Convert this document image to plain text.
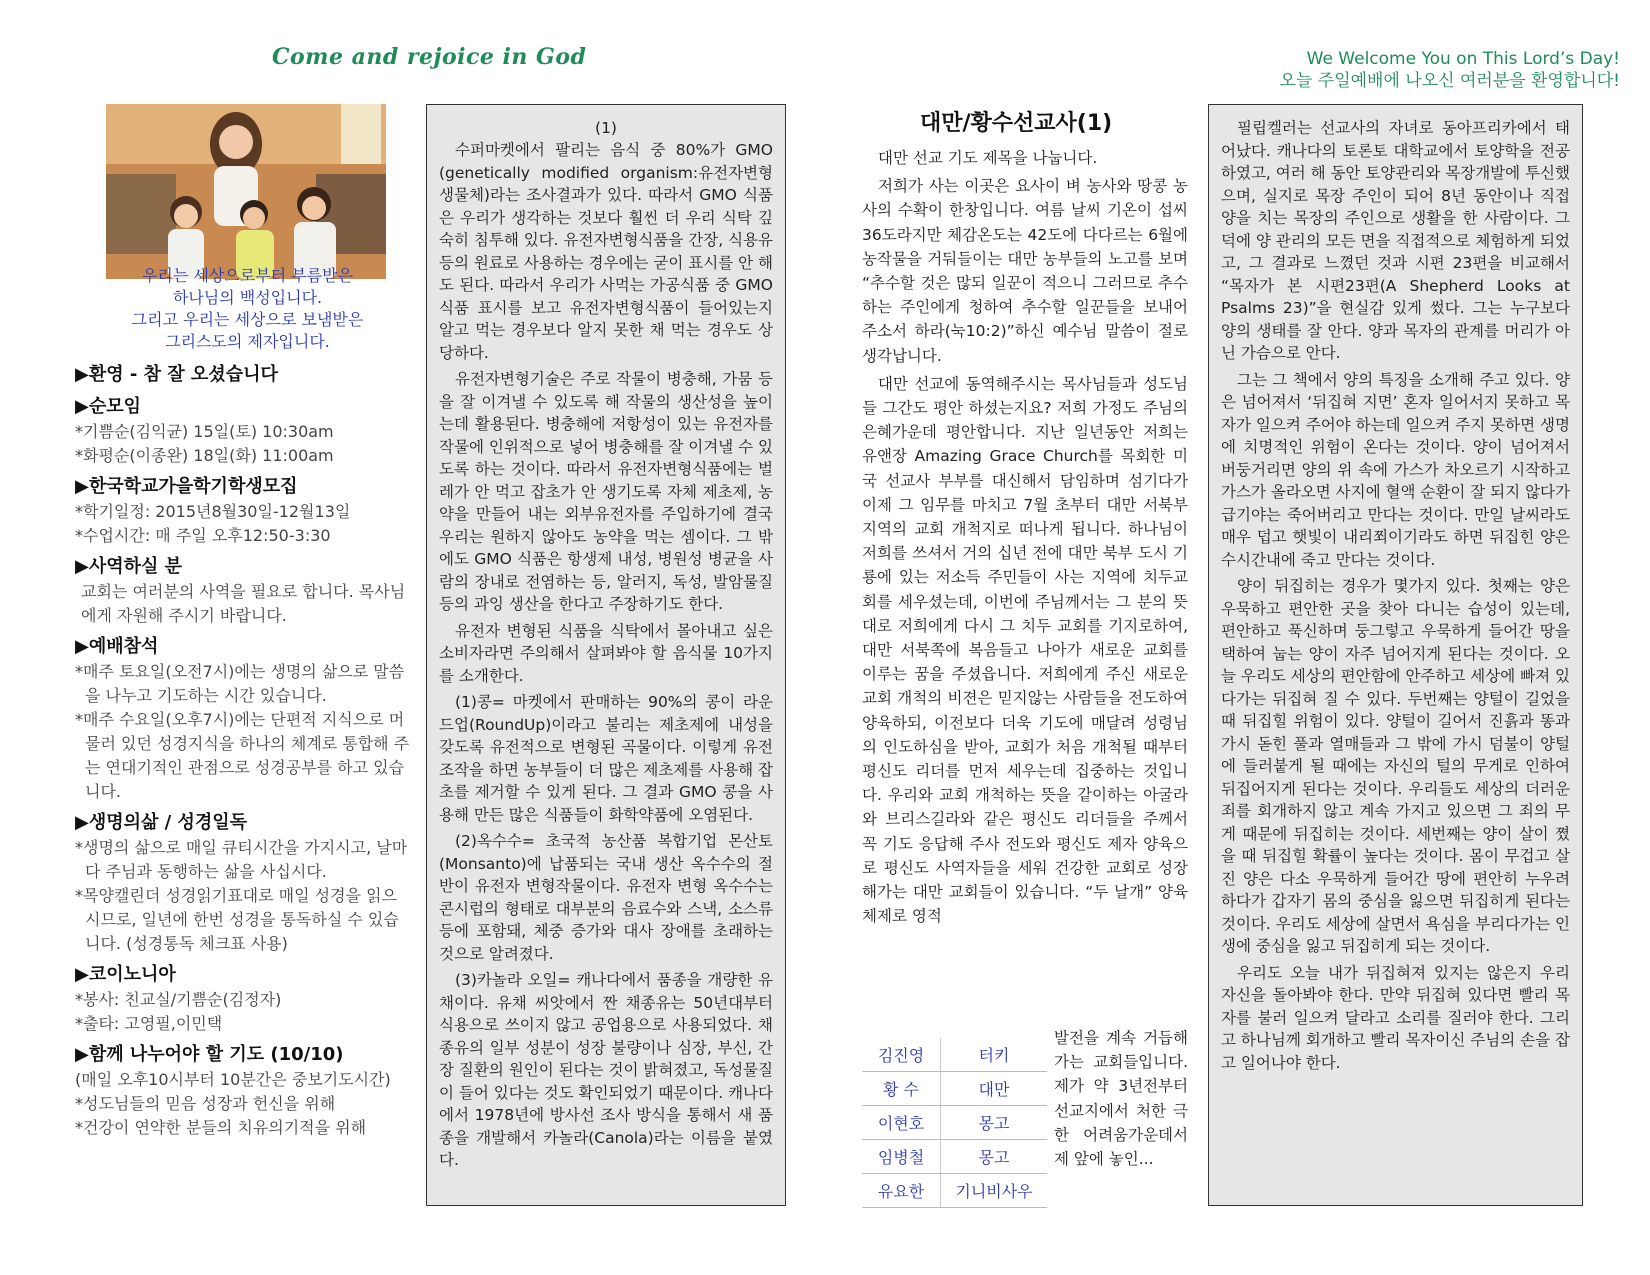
Come and rejoice in God	We Welcome You on This Lord’s Day!
오늘 주일예배에 나오신 여러분을 환영합니다!
우리는 세상으로부터 부름받은
하나님의 백성입니다.
그리고 우리는 세상으로 보냄받은
그리스도의 제자입니다.
▶환영 - 참 잘 오셨습니다
▶순모임
*기쁨순(김익균) 15일(토) 10:30am
*화평순(이종완) 18일(화) 11:00am
▶한국학교가을학기학생모집
*학기일정: 2015년8월30일-12월13일
*수업시간: 매 주일 오후12:50-3:30
▶사역하실 분
교회는 여러분의 사역을 필요로 합니다. 목사님에게 자원해 주시기 바랍니다.
▶예배참석
*매주 토요일(오전7시)에는 생명의 삶으로 말씀을 나누고 기도하는 시간 있습니다.
*매주 수요일(오후7시)에는 단편적 지식으로 머물러 있던 성경지식을 하나의 체계로 통합해 주는 연대기적인 관점으로 성경공부를 하고 있습니다.
▶생명의삶 / 성경일독
*생명의 삶으로 매일 큐티시간을 가지시고, 날마다 주님과 동행하는 삶을 사십시다.
*목양캘린더 성경읽기표대로 매일 성경을 읽으시므로, 일년에 한번 성경을 통독하실 수 있습니다. (성경통독 체크표 사용)
▶코이노니아
*봉사: 친교실/기쁨순(김정자)
*출타: 고영필,이민택
▶함께 나누어야 할 기도 (10/10)
(매일 오후10시부터 10분간은 중보기도시간)
*성도님들의 믿음 성장과 헌신을 위해
*건강이 연약한 분들의 치유의기적을 위해
(1)

수퍼마켓에서 팔리는 음식 중 80%가 GMO (genetically modified organism:유전자변형생물체)라는 조사결과가 있다. 따라서 GMO 식품은 우리가 생각하는 것보다 훨씬 더 우리 식탁 깊숙히 침투해 있다. 유전자변형식품을 간장, 식용유 등의 원료로 사용하는 경우에는 굳이 표시를 안 해도 된다. 따라서 우리가 사먹는 가공식품 중 GMO식품 표시를 보고 유전자변형식품이 들어있는지 알고 먹는 경우보다 알지 못한 채 먹는 경우도 상당하다.

유전자변형기술은 주로 작물이 병충해, 가뭄 등을 잘 이겨낼 수 있도록 해 작물의 생산성을 높이는데 활용된다. 병충해에 저항성이 있는 유전자를 작물에 인위적으로 넣어 병충해를 잘 이겨낼 수 있도록 하는 것이다. 따라서 유전자변형식품에는 벌레가 안 먹고 잡초가 안 생기도록 자체 제초제, 농약을 만들어 내는 외부유전자를 주입하기에 결국 우리는 원하지 않아도 농약을 먹는 셈이다. 그 밖에도 GMO 식품은 항생제 내성, 병원성 병균을 사람의 장내로 전염하는 등, 알러지, 독성, 발암물질등의 과잉 생산을 한다고 주장하기도 한다.

유전자 변형된 식품을 식탁에서 몰아내고 싶은 소비자라면 주의해서 살펴봐야 할 음식물 10가지를 소개한다.

(1)콩= 마켓에서 판매하는 90%의 콩이 라운드업(RoundUp)이라고 불리는 제초제에 내성을 갖도록 유전적으로 변형된 곡물이다. 이렇게 유전조작을 하면 농부들이 더 많은 제초제를 사용해 잡초를 제거할 수 있게 된다. 그 결과 GMO 콩을 사용해 만든 많은 식품들이 화학약품에 오염된다.

(2)옥수수= 초국적 농산품 복합기업 몬산토(Monsanto)에 납품되는 국내 생산 옥수수의 절반이 유전자 변형작물이다. 유전자 변형 옥수수는 콘시럽의 형태로 대부분의 음료수와 스낵, 소스류 등에 포함돼, 체중 증가와 대사 장애를 초래하는 것으로 알려졌다.

(3)카놀라 오일= 캐나다에서 품종을 개량한 유채이다. 유채 씨앗에서 짠 채종유는 50년대부터 식용으로 쓰이지 않고 공업용으로 사용되었다. 채종유의 일부 성분이 성장 불량이나 심장, 부신, 간장 질환의 원인이 된다는 것이 밝혀졌고, 독성물질이 들어 있다는 것도 확인되었기 때문이다. 캐나다에서 1978년에 방사선 조사 방식을 통해서 새 품종을 개발해서 카놀라(Canola)라는 이름을 붙였다.

대만/황수선교사(1)

대만 선교 기도 제목을 나눕니다.

저희가 사는 이곳은 요사이 벼 농사와 땅콩 농사의 수확이 한창입니다. 여름 날씨 기온이 섭씨 36도라지만 체감온도는 42도에 다다르는 6월에 농작물을 거둬들이는 대만 농부들의 노고를 보며 “추수할 것은 많되 일꾼이 적으니 그러므로 추수하는 주인에게 청하여 추수할 일꾼들을 보내어 주소서 하라(눅10:2)”하신 예수님 말씀이 절로 생각납니다.

대만 선교에 동역해주시는 목사님들과 성도님들 그간도 평안 하셨는지요? 저희 가정도 주님의 은혜가운데 평안합니다. 지난 일년동안 저희는 유앤장 Amazing Grace Church를 목회한 미국 선교사 부부를 대신해서 담임하며 섬기다가 이제 그 임무를 마치고 7월 초부터 대만 서북부 지역의 교회 개척지로 떠나게 됩니다. 하나님이 저희를 쓰셔서 거의 십년 전에 대만 북부 도시 기룡에 있는 저소득 주민들이 사는 지역에 치두교회를 세우셨는데, 이번에 주님께서는 그 분의 뜻대로 저희에게 다시 그 치두 교회를 기지로하여, 대만 서북쪽에 복음들고 나아가 새로운 교회를 이루는 꿈을 주셨읍니다. 저희에게 주신 새로운 교회 개척의 비젼은 믿지않는 사람들을 전도하여 양육하되, 이전보다 더욱 기도에 매달려 성령님의 인도하심을 받아, 교회가 처음 개척될 때부터 평신도 리더를 먼저 세우는데 집중하는 것입니다. 우리와 교회 개척하는 뜻을 같이하는 아굴라와 브리스길라와 같은 평신도 리더들을 주께서 꼭 기도 응답해 주사 전도와 평신도 제자 양육으로 평신도 사역자들을 세워 건강한 교회로 성장해가는 대만 교회들이 있습니다. “두 날개” 양육 체제로 영적

김진영	터키
황 수	대만
이현호	몽고
임병철	몽고
유요한	기니비사우
발전을 계속 거듭해가는 교회들입니다. 제가 약 3년전부터 선교지에서 처한 극한 어려움가운데서 제 앞에 놓인...

필립켈러는 선교사의 자녀로 동아프리카에서 태어났다. 캐나다의 토론토 대학교에서 토양학을 전공하였고, 여러 해 동안 토양관리와 목장개발에 투신했으며, 실지로 목장 주인이 되어 8년 동안이나 직접 양을 치는 목장의 주인으로 생활을 한 사람이다. 그 덕에 양 관리의 모든 면을 직접적으로 체험하게 되었고, 그 결과로 느꼈던 것과 시편 23편을 비교해서 “목자가 본 시편23편(A Shepherd Looks at Psalms 23)”을 현실감 있게 썼다. 그는 누구보다 양의 생태를 잘 안다. 양과 목자의 관계를 머리가 아닌 가슴으로 안다.

그는 그 책에서 양의 특징을 소개해 주고 있다. 양은 넘어져서 ‘뒤집혀 지면’ 혼자 일어서지 못하고 목자가 일으켜 주어야 하는데 일으켜 주지 못하면 생명에 치명적인 위험이 온다는 것이다. 양이 넘어져서 버둥거리면 양의 위 속에 가스가 차오르기 시작하고 가스가 올라오면 사지에 혈액 순환이 잘 되지 않다가 급기야는 죽어버리고 만다는 것이다. 만일 날씨라도 매우 덥고 햇빛이 내리쬐이기라도 하면 뒤집힌 양은 수시간내에 죽고 만다는 것이다.

양이 뒤집히는 경우가 몇가지 있다. 첫째는 양은 우묵하고 편안한 곳을 찾아 다니는 습성이 있는데, 편안하고 푹신하며 둥그렇고 우묵하게 들어간 땅을 택하여 눕는 양이 자주 넘어지게 된다는 것이다. 오늘 우리도 세상의 편안함에 안주하고 세상에 빠져 있다가는 뒤집혀 질 수 있다. 두번째는 양털이 길었을 때 뒤집힐 위험이 있다. 양털이 길어서 진흙과 똥과 가시 돋힌 풀과 열매들과 그 밖에 가시 덤불이 양털에 들러붙게 될 때에는 자신의 털의 무게로 인하여 뒤집어지게 된다는 것이다. 우리들도 세상의 더러운 죄를 회개하지 않고 계속 가지고 있으면 그 죄의 무게 때문에 뒤집히는 것이다. 세번째는 양이 살이 쪘을 때 뒤집힐 확률이 높다는 것이다. 몸이 무겁고 살진 양은 다소 우묵하게 들어간 땅에 편안히 누우려 하다가 갑자기 몸의 중심을 잃으면 뒤집히게 된다는 것이다. 우리도 세상에 살면서 욕심을 부리다가는 인생에 중심을 잃고 뒤집히게 되는 것이다.

우리도 오늘 내가 뒤집혀져 있지는 않은지 우리 자신을 돌아봐야 한다. 만약 뒤집혀 있다면 빨리 목자를 불러 일으켜 달라고 소리를 질러야 한다. 그리고 하나님께 회개하고 빨리 목자이신 주님의 손을 잡고 일어나야 한다.
